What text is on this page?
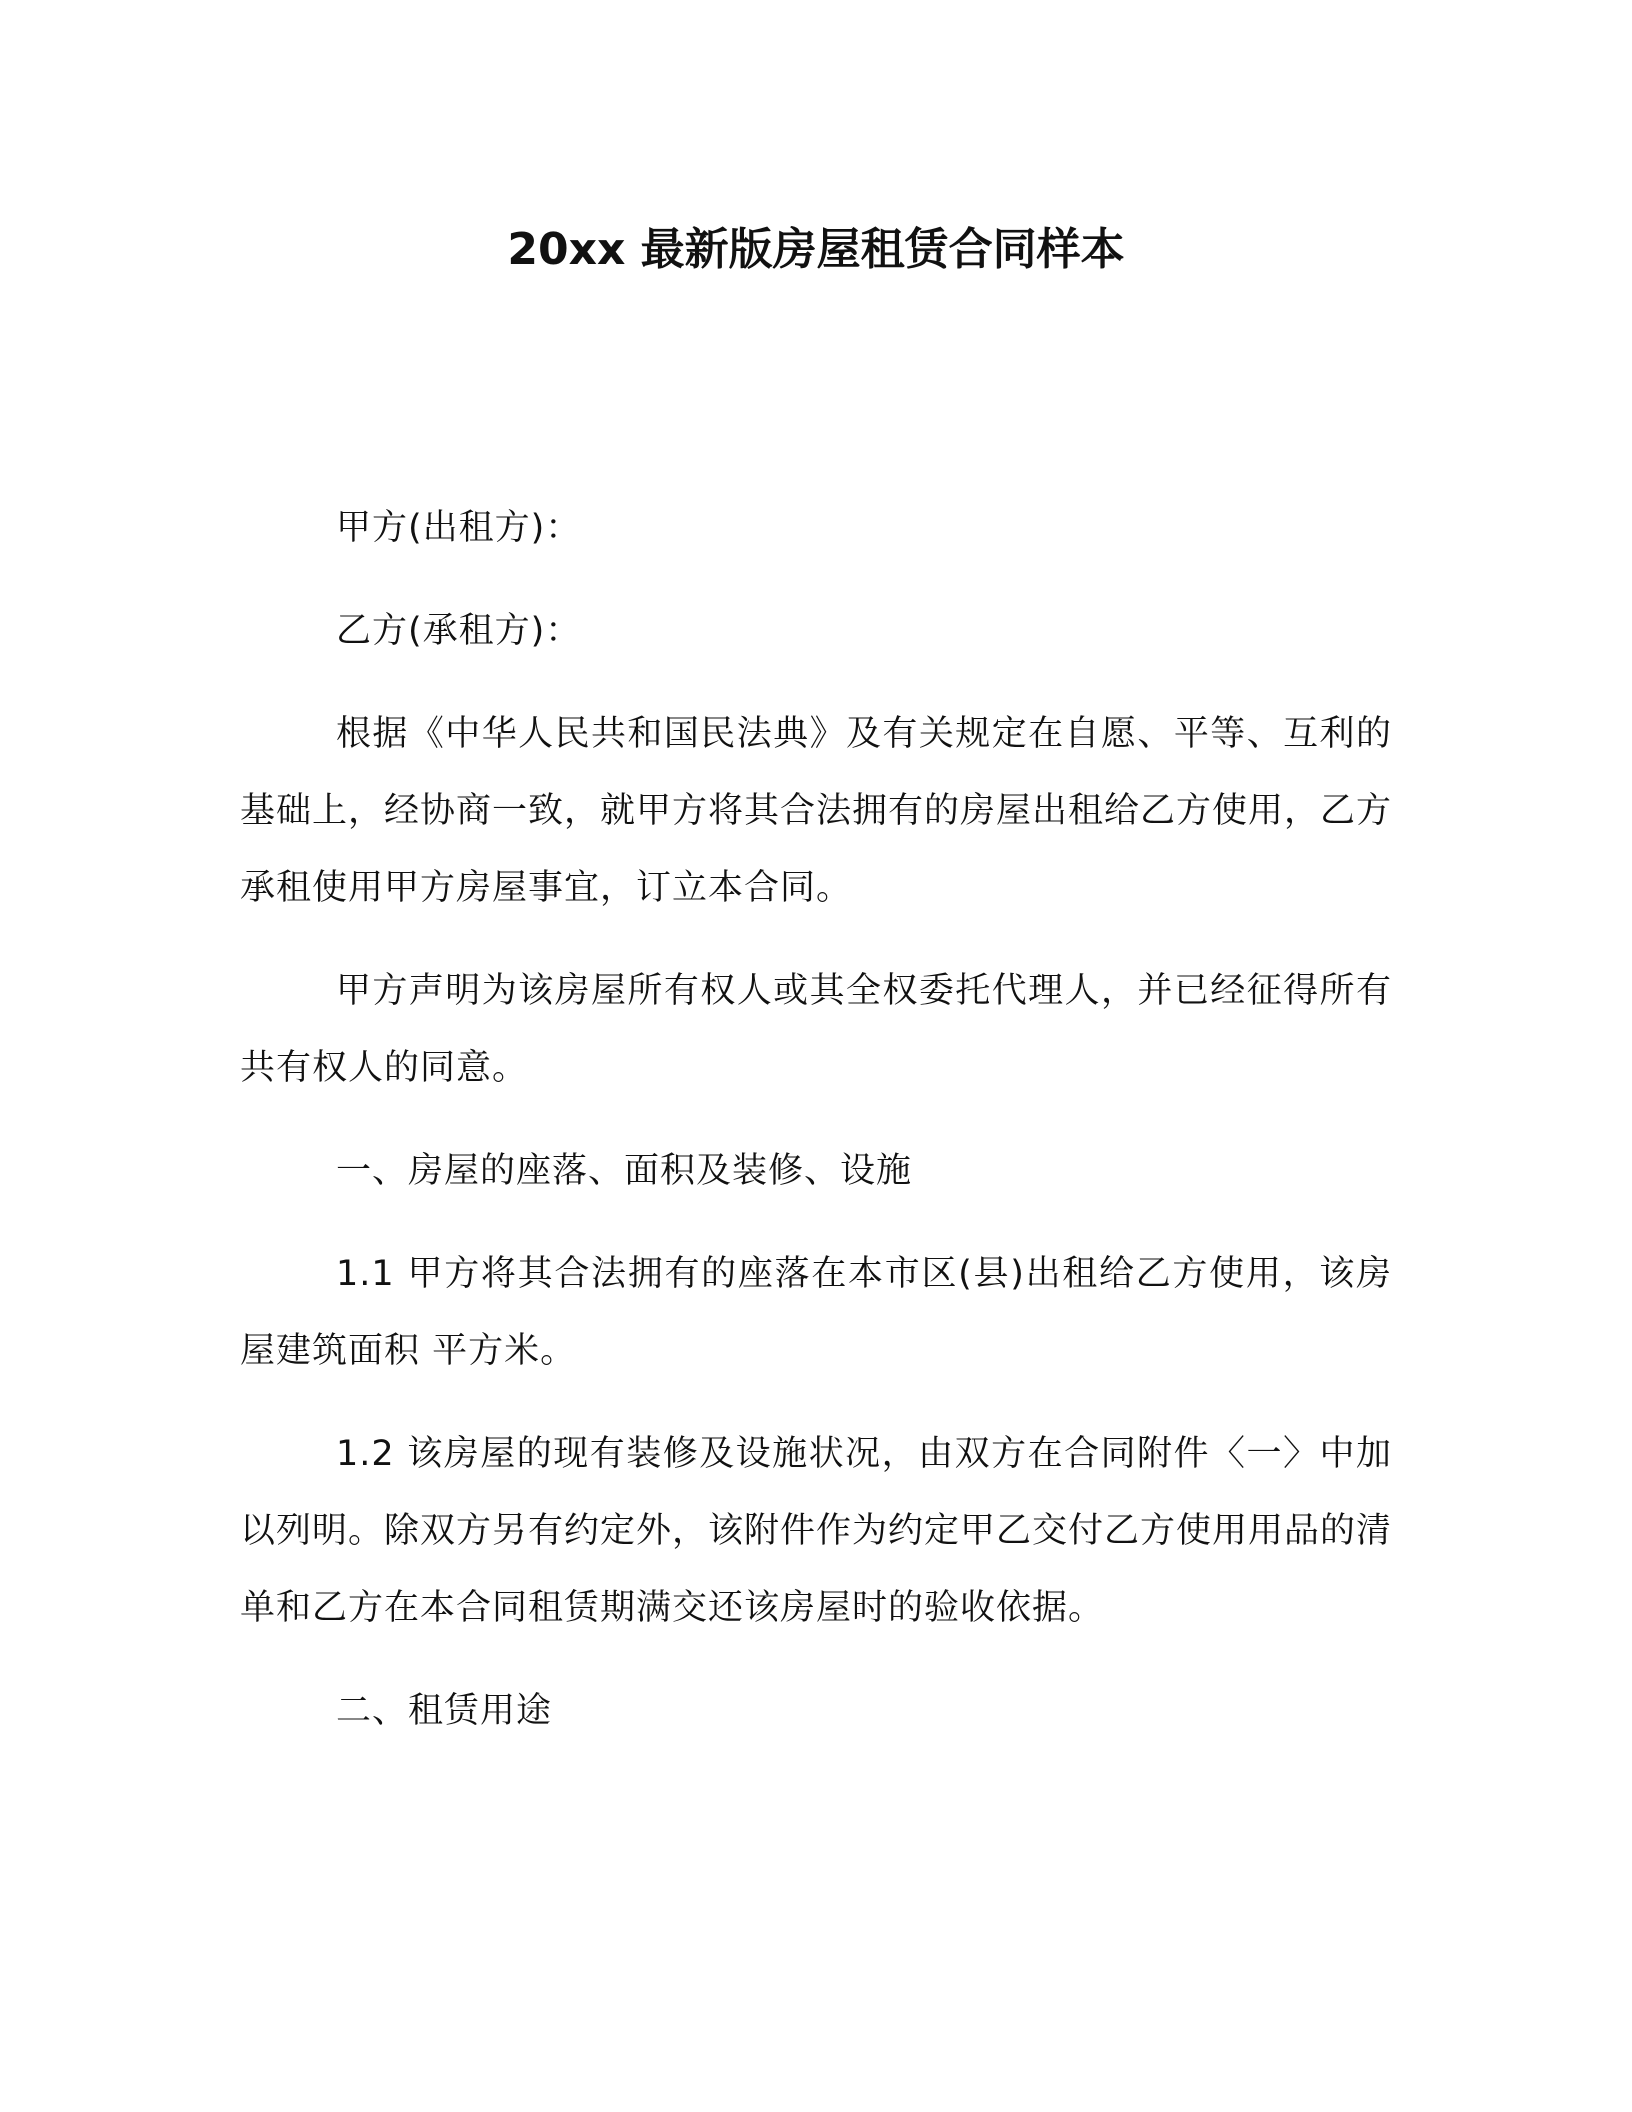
20xx 最新版房屋租赁合同样本

甲方(出租方)：

乙方(承租方)：

根据《中华人民共和国民法典》及有关规定在自愿、平等、互利的基础上，经协商一致，就甲方将其合法拥有的房屋出租给乙方使用，乙方承租使用甲方房屋事宜，订立本合同。

甲方声明为该房屋所有权人或其全权委托代理人，并已经征得所有共有权人的同意。

一、房屋的座落、面积及装修、设施

1.1 甲方将其合法拥有的座落在本市区(县)出租给乙方使用，该房屋建筑面积 平方米。

1.2 该房屋的现有装修及设施状况，由双方在合同附件〈一〉中加以列明。除双方另有约定外，该附件作为约定甲乙交付乙方使用用品的清单和乙方在本合同租赁期满交还该房屋时的验收依据。

二、租赁用途
